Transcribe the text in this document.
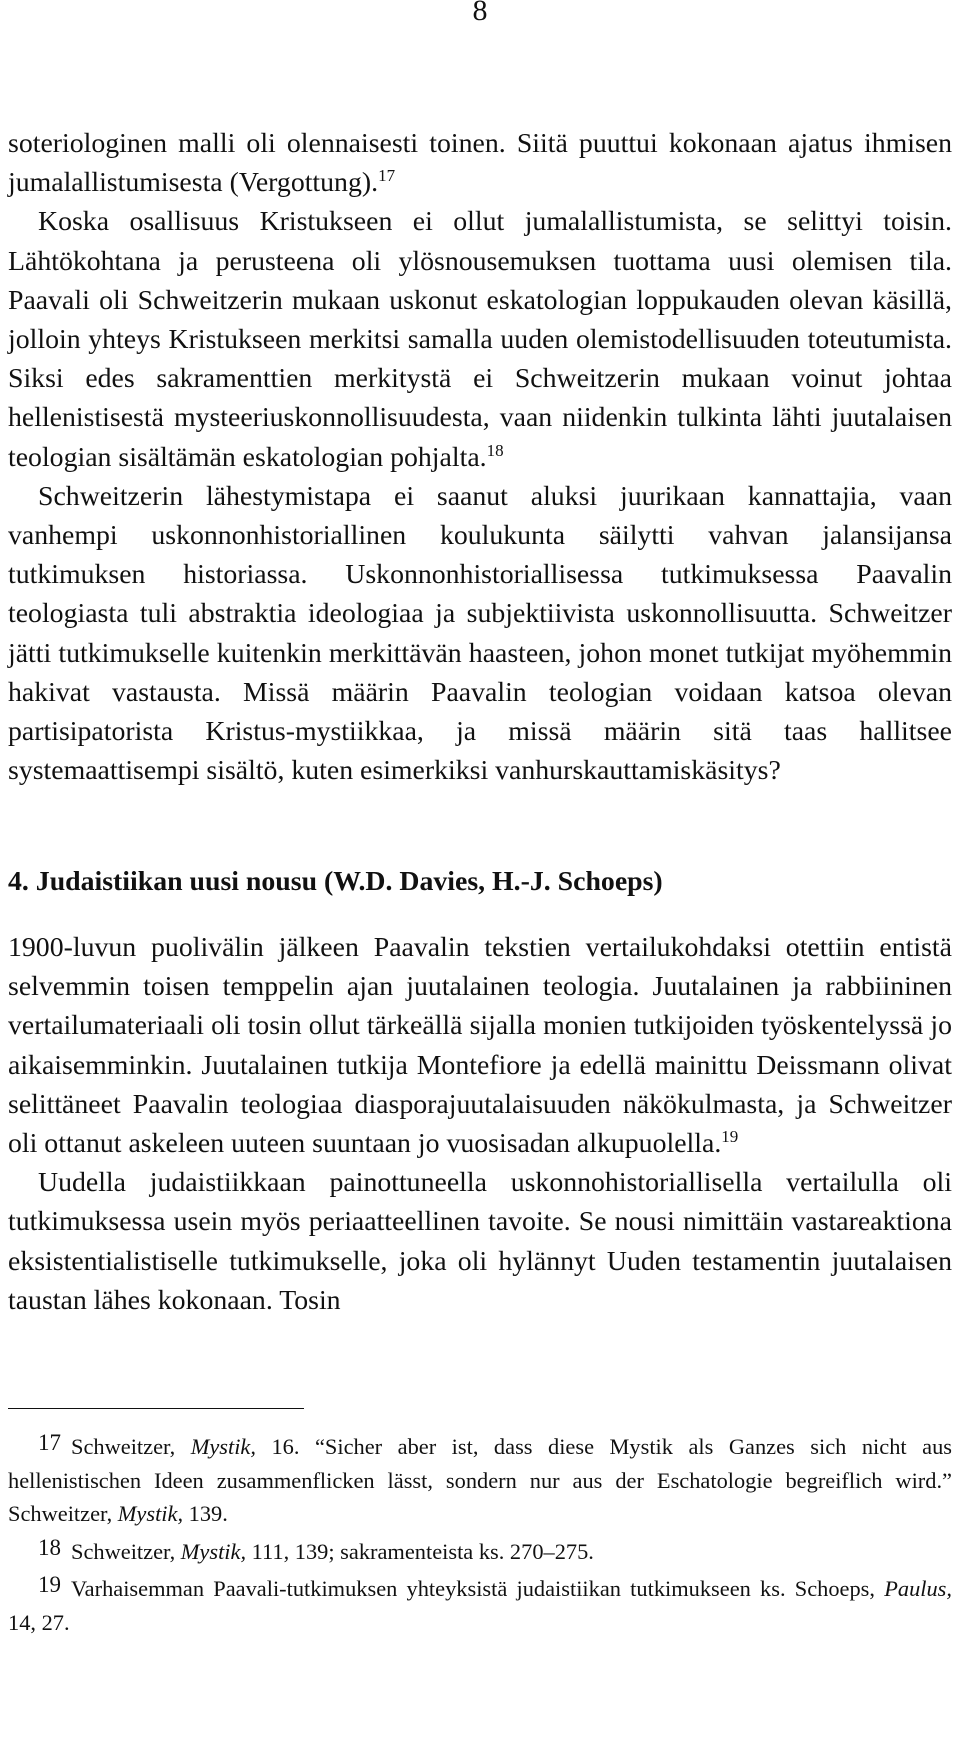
8

soteriologinen malli oli olennaisesti toinen. Siitä puuttui kokonaan ajatus ihmisen jumalallistumisesta (Vergottung).$^{17}$

Koska osallisuus Kristukseen ei ollut jumalallistumista, se selittyi toisin. Lähtökohtana ja perusteena oli ylösnousemuksen tuottama uusi olemisen tila. Paavali oli Schweitzerin mukaan uskonut eskatologian loppukauden olevan käsillä, jolloin yhteys Kristukseen merkitsi samalla uuden olemistodellisuuden toteutumista. Siksi edes sakramenttien merkitystä ei Schweitzerin mukaan voinut johtaa hellenistisestä mysteeriuskonnollisuudesta, vaan niidenkin tulkinta lähti juutalaisen teologian sisältämän eskatologian pohjalta.$^{18}$

Schweitzerin lähestymistapa ei saanut aluksi juurikaan kannattajia, vaan vanhempi uskonnonhistoriallinen koulukunta säilytti vahvan jalansijansa tutkimuksen historiassa. Uskonnonhistoriallisessa tutkimuksessa Paavalin teologiasta tuli abstraktia ideologiaa ja subjektiivista uskonnollisuutta. Schweitzer jätti tutkimukselle kuitenkin merkittävän haasteen, johon monet tutkijat myöhemmin hakivat vastausta. Missä määrin Paavalin teologian voidaan katsoa olevan partisipatorista Kristus-mystiikkaa, ja missä määrin sitä taas hallitsee systemaattisempi sisältö, kuten esimerkiksi vanhurskauttamiskäsitys?

4. Judaistiikan uusi nousu (W.D. Davies, H.-J. Schoeps)

1900-luvun puolivälin jälkeen Paavalin tekstien vertailukohdaksi otettiin entistä selvemmin toisen temppelin ajan juutalainen teologia. Juutalainen ja rabbiininen vertailumateriaali oli tosin ollut tärkeällä sijalla monien tutkijoiden työskentelyssä jo aikaisemminkin. Juutalainen tutkija Montefiore ja edellä mainittu Deissmann olivat selittäneet Paavalin teologiaa diasporajuutalaisuuden näkökulmasta, ja Schweitzer oli ottanut askeleen uuteen suuntaan jo vuosisadan alkupuolella.$^{19}$

Uudella judaistiikkaan painottuneella uskonnohistoriallisella vertailulla oli tutkimuksessa usein myös periaatteellinen tavoite. Se nousi nimittäin vastareaktiona eksistentialistiselle tutkimukselle, joka oli hylännyt Uuden testamentin juutalaisen taustan lähes kokonaan. Tosin

17 Schweitzer, Mystik, 16. “Sicher aber ist, dass diese Mystik als Ganzes sich nicht aus hellenistischen Ideen zusammenflicken lässt, sondern nur aus der Eschatologie begreiflich wird.” Schweitzer, Mystik, 139.

18 Schweitzer, Mystik, 111, 139; sakramenteista ks. 270–275.

19 Varhaisemman Paavali-tutkimuksen yhteyksistä judaistiikan tutkimukseen ks. Schoeps, Paulus, 14, 27.
